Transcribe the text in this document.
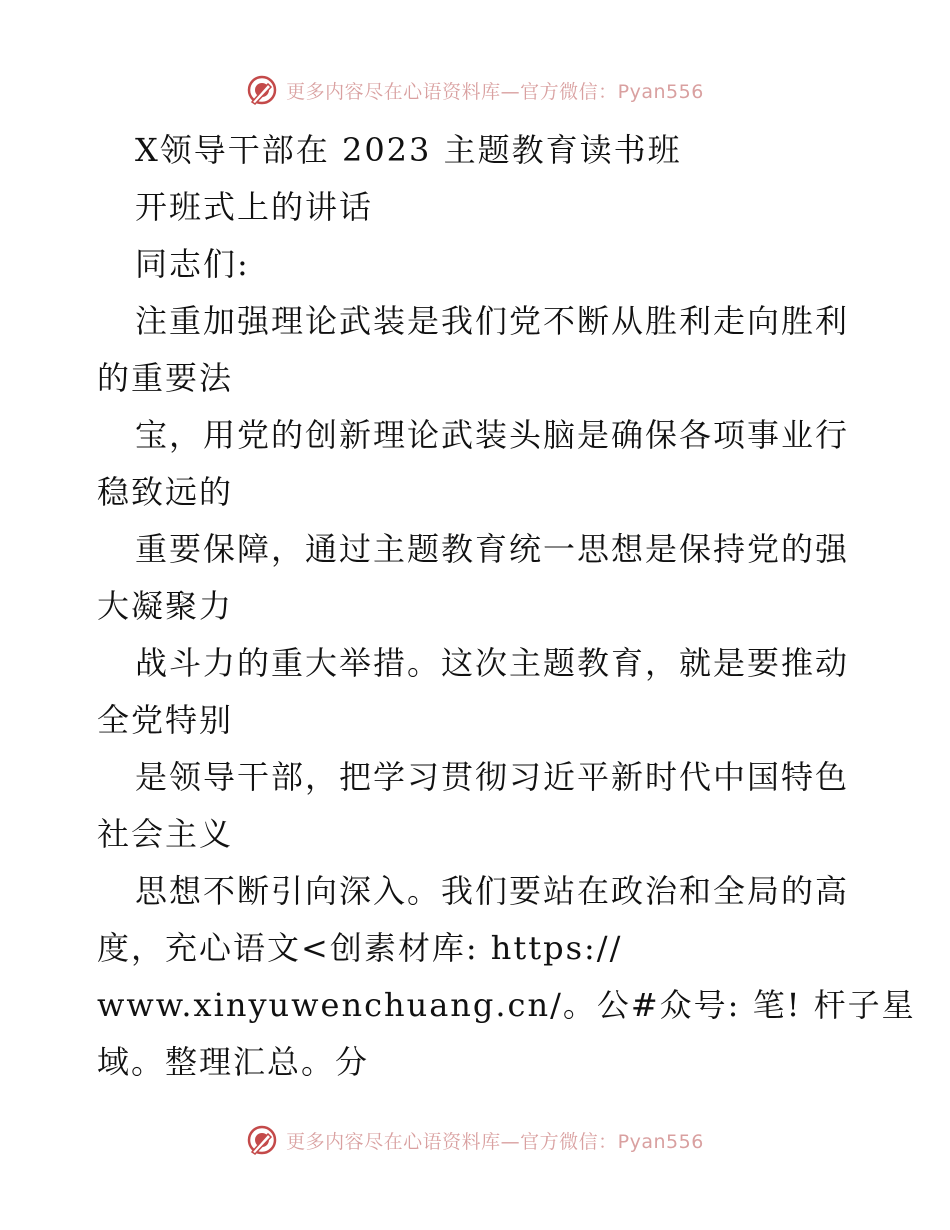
更多内容尽在心语资料库—官方微信：Pyan556
X领导干部在 2023 主题教育读书班
开班式上的讲话
同志们:
注重加强理论武装是我们党不断从胜利走向胜利
的重要法
宝，用党的创新理论武装头脑是确保各项事业行
稳致远的
重要保障，通过主题教育统一思想是保持党的强
大凝聚力
战斗力的重大举措。这次主题教育，就是要推动
全党特别
是领导干部，把学习贯彻习近平新时代中国特色
社会主义
思想不断引向深入。我们要站在政治和全局的高
度，充心语文<创素材库: https://
www.xinyuwenchuang.cn/。公#众号: 笔! 杆子星
域。整理汇总。分
更多内容尽在心语资料库—官方微信：Pyan556
